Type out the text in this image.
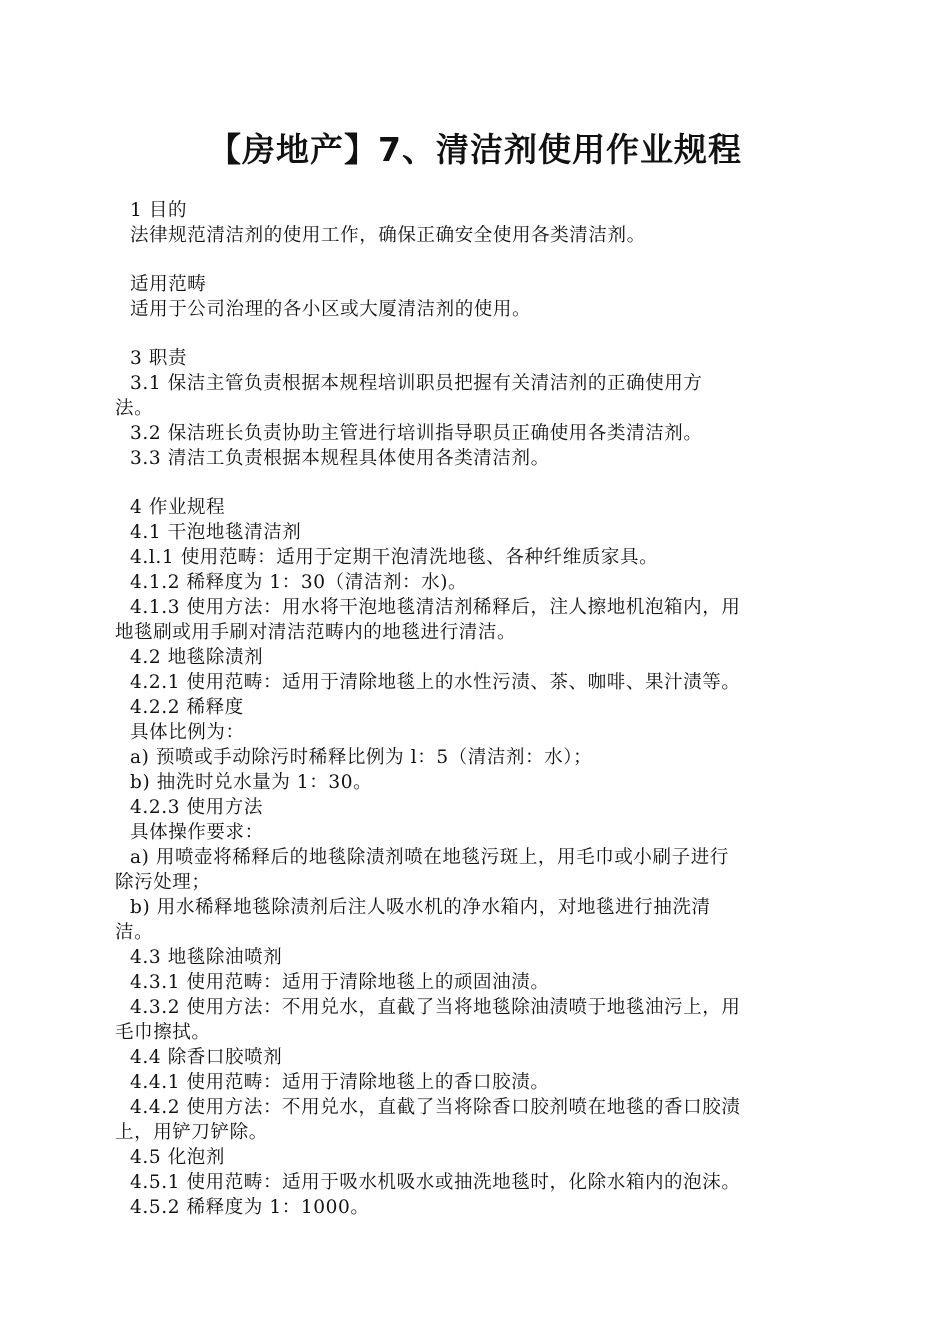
【房地产】7、清洁剂使用作业规程
1 目的
法律规范清洁剂的使用工作，确保正确安全使用各类清洁剂。
适用范畴
适用于公司治理的各小区或大厦清洁剂的使用。
3 职责
3.1 保洁主管负责根据本规程培训职员把握有关清洁剂的正确使用方
法。
3.2 保洁班长负责协助主管进行培训指导职员正确使用各类清洁剂。
3.3 清洁工负责根据本规程具体使用各类清洁剂。
4 作业规程
4.1 干泡地毯清洁剂
4.l.1 使用范畴：适用于定期干泡清洗地毯、各种纤维质家具。
4.1.2 稀释度为 1：30（清洁剂：水)。
4.1.3 使用方法：用水将干泡地毯清洁剂稀释后，注人擦地机泡箱内，用
地毯刷或用手刷对清洁范畴内的地毯进行清洁。
4.2 地毯除渍剂
4.2.1 使用范畴：适用于清除地毯上的水性污渍、茶、咖啡、果汁渍等。
4.2.2 稀释度
具体比例为：
a) 预喷或手动除污时稀释比例为 l：5（清洁剂：水）；
b) 抽洗时兑水量为 1：30。
4.2.3 使用方法
具体操作要求：
a) 用喷壶将稀释后的地毯除渍剂喷在地毯污斑上，用毛巾或小刷子进行
除污处理；
b) 用水稀释地毯除渍剂后注人吸水机的净水箱内，对地毯进行抽洗清
洁。
4.3 地毯除油喷剂
4.3.1 使用范畴：适用于清除地毯上的顽固油渍。
4.3.2 使用方法：不用兑水，直截了当将地毯除油渍喷于地毯油污上，用
毛巾擦拭。
4.4 除香口胶喷剂
4.4.1 使用范畴：适用于清除地毯上的香口胶渍。
4.4.2 使用方法：不用兑水，直截了当将除香口胶剂喷在地毯的香口胶渍
上，用铲刀铲除。
4.5 化泡剂
4.5.1 使用范畴：适用于吸水机吸水或抽洗地毯时，化除水箱内的泡沫。
4.5.2 稀释度为 1：1000。
